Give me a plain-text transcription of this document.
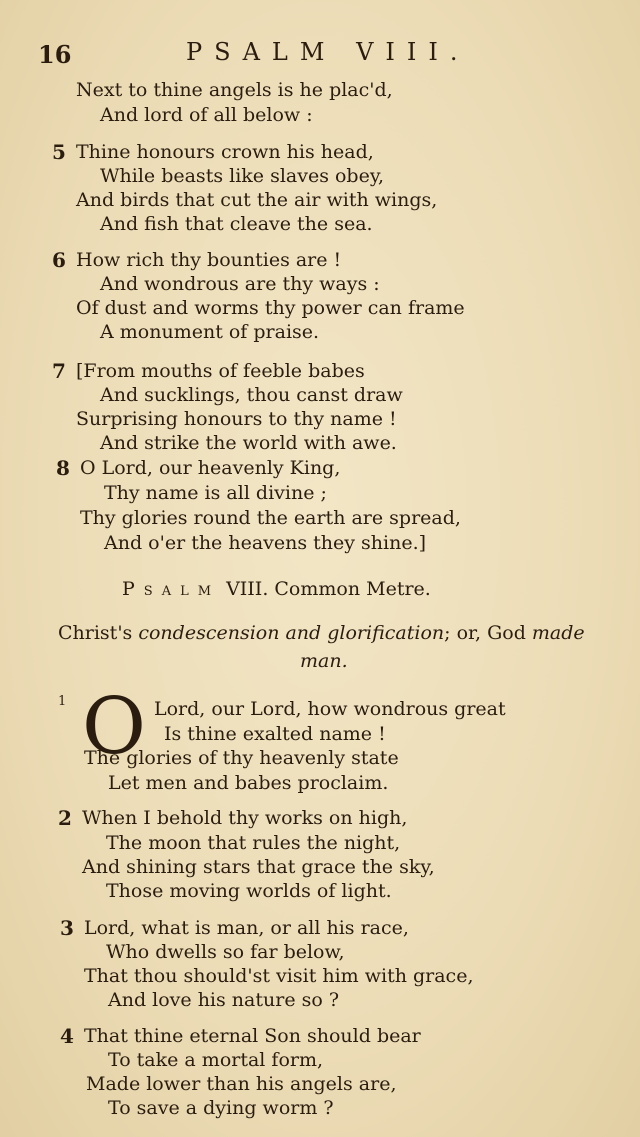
16	PSALM VIII.
Next to thine angels is he plac'd,
And lord of all below :
5 Thine honours crown his head,
While beasts like slaves obey,
And birds that cut the air with wings,
And fish that cleave the sea.
6 How rich thy bounties are !
And wondrous are thy ways :
Of dust and worms thy power can frame
A monument of praise.
7 [From mouths of feeble babes
And sucklings, thou canst draw
Surprising honours to thy name !
And strike the world with awe.
8 O Lord, our heavenly King,
Thy name is all divine ;
Thy glories round the earth are spread,
And o'er the heavens they shine.]
Psalm VIII. Common Metre.
Christ's condescension and glorification; or, God made
man.
1 O Lord, our Lord, how wondrous great
Is thine exalted name !
The glories of thy heavenly state
Let men and babes proclaim.
2 When I behold thy works on high,
The moon that rules the night,
And shining stars that grace the sky,
Those moving worlds of light.
3 Lord, what is man, or all his race,
Who dwells so far below,
That thou should'st visit him with grace,
And love his nature so ?
4 That thine eternal Son should bear
To take a mortal form,
Made lower than his angels are,
To save a dying worm ?
